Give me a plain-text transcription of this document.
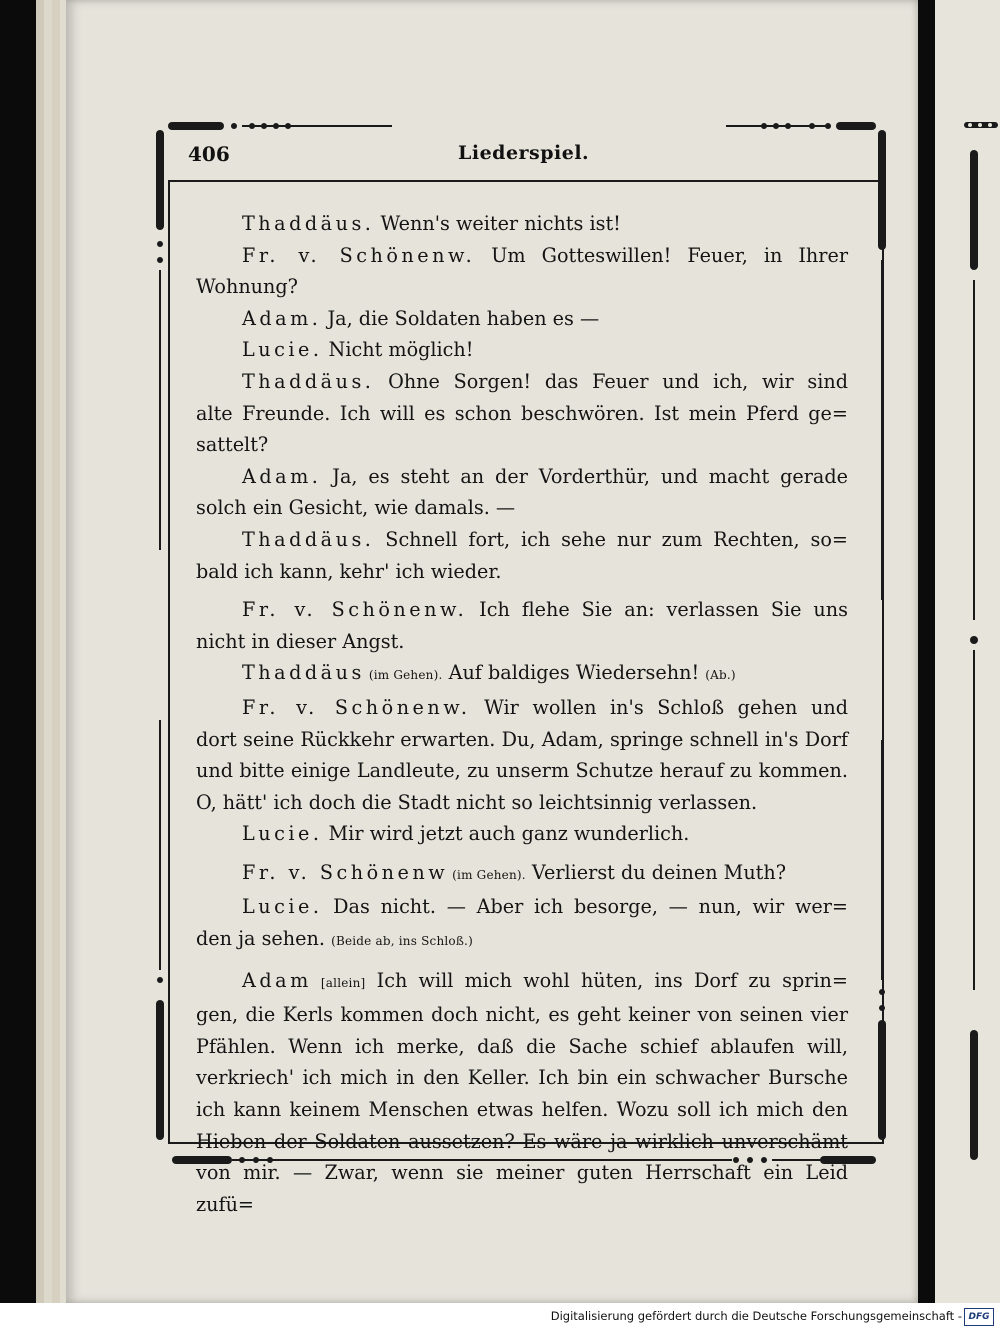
406	Liederspiel.
Thaddäus. Wenn's weiter nichts ist!
Fr. v. Schönenw. Um Gotteswillen! Feuer, in Ihrer
Wohnung?
Adam. Ja, die Soldaten haben es —
Lucie. Nicht möglich!
Thaddäus. Ohne Sorgen! das Feuer und ich, wir sind
alte Freunde. Ich will es schon beschwören. Ist mein Pferd ge=
sattelt?
Adam. Ja, es steht an der Vorderthür, und macht gerade
solch ein Gesicht, wie damals. —
Thaddäus. Schnell fort, ich sehe nur zum Rechten, so=
bald ich kann, kehr' ich wieder.
Fr. v. Schönenw. Ich flehe Sie an: verlassen Sie uns
nicht in dieser Angst.
Thaddäus (im Gehen). Auf baldiges Wiedersehn! (Ab.)
Fr. v. Schönenw. Wir wollen in's Schloß gehen und
dort seine Rückkehr erwarten. Du, Adam, springe schnell in's Dorf
und bitte einige Landleute, zu unserm Schutze herauf zu kommen.
O, hätt' ich doch die Stadt nicht so leichtsinnig verlassen.
Lucie. Mir wird jetzt auch ganz wunderlich.
Fr. v. Schönenw (im Gehen). Verlierst du deinen Muth?
Lucie. Das nicht. — Aber ich besorge, — nun, wir wer=
den ja sehen. (Beide ab, ins Schloß.)
Adam [allein] Ich will mich wohl hüten, ins Dorf zu sprin=
gen, die Kerls kommen doch nicht, es geht keiner von seinen vier
Pfählen. Wenn ich merke, daß die Sache schief ablaufen will,
verkriech' ich mich in den Keller. Ich bin ein schwacher Bursche
ich kann keinem Menschen etwas helfen. Wozu soll ich mich den
Hieben der Soldaten aussetzen? Es wäre ja wirklich unverschämt
von mir. — Zwar, wenn sie meiner guten Herrschaft ein Leid zufü=
Digitalisierung gefördert durch die Deutsche Forschungsgemeinschaft - DFG
